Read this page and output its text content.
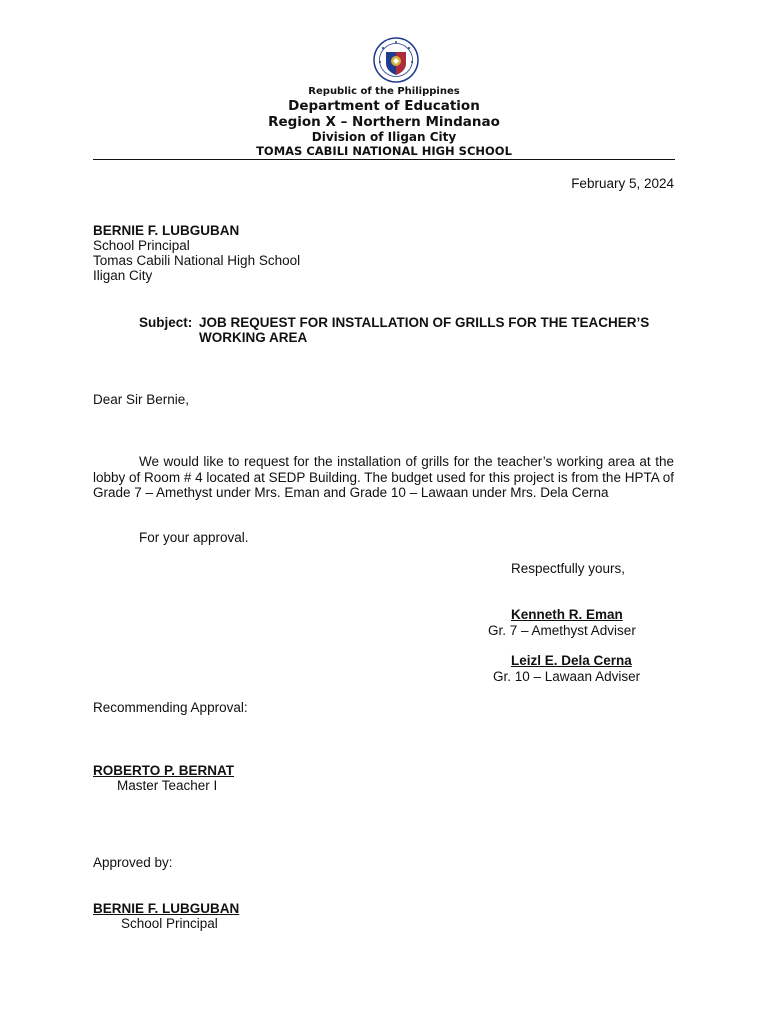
Republic of the Philippines
Department of Education
Region X – Northern Mindanao
Division of Iligan City
TOMAS CABILI NATIONAL HIGH SCHOOL
February 5, 2024
BERNIE F. LUBGUBAN
School Principal
Tomas Cabili National High School
Iligan City
Subject: JOB REQUEST FOR INSTALLATION OF GRILLS FOR THE TEACHER’S
WORKING AREA
Dear Sir Bernie,
We would like to request for the installation of grills for the teacher’s working area at the lobby of Room # 4 located at SEDP Building. The budget used for this project is from the HPTA of Grade 7 – Amethyst under Mrs. Eman and Grade 10 – Lawaan under Mrs. Dela Cerna
For your approval.
Respectfully yours,
Kenneth R. Eman
Gr. 7 – Amethyst Adviser
Leizl E. Dela Cerna
Gr. 10 – Lawaan Adviser
Recommending Approval:
ROBERTO P. BERNAT
Master Teacher I
Approved by:
BERNIE F. LUBGUBAN
School Principal
